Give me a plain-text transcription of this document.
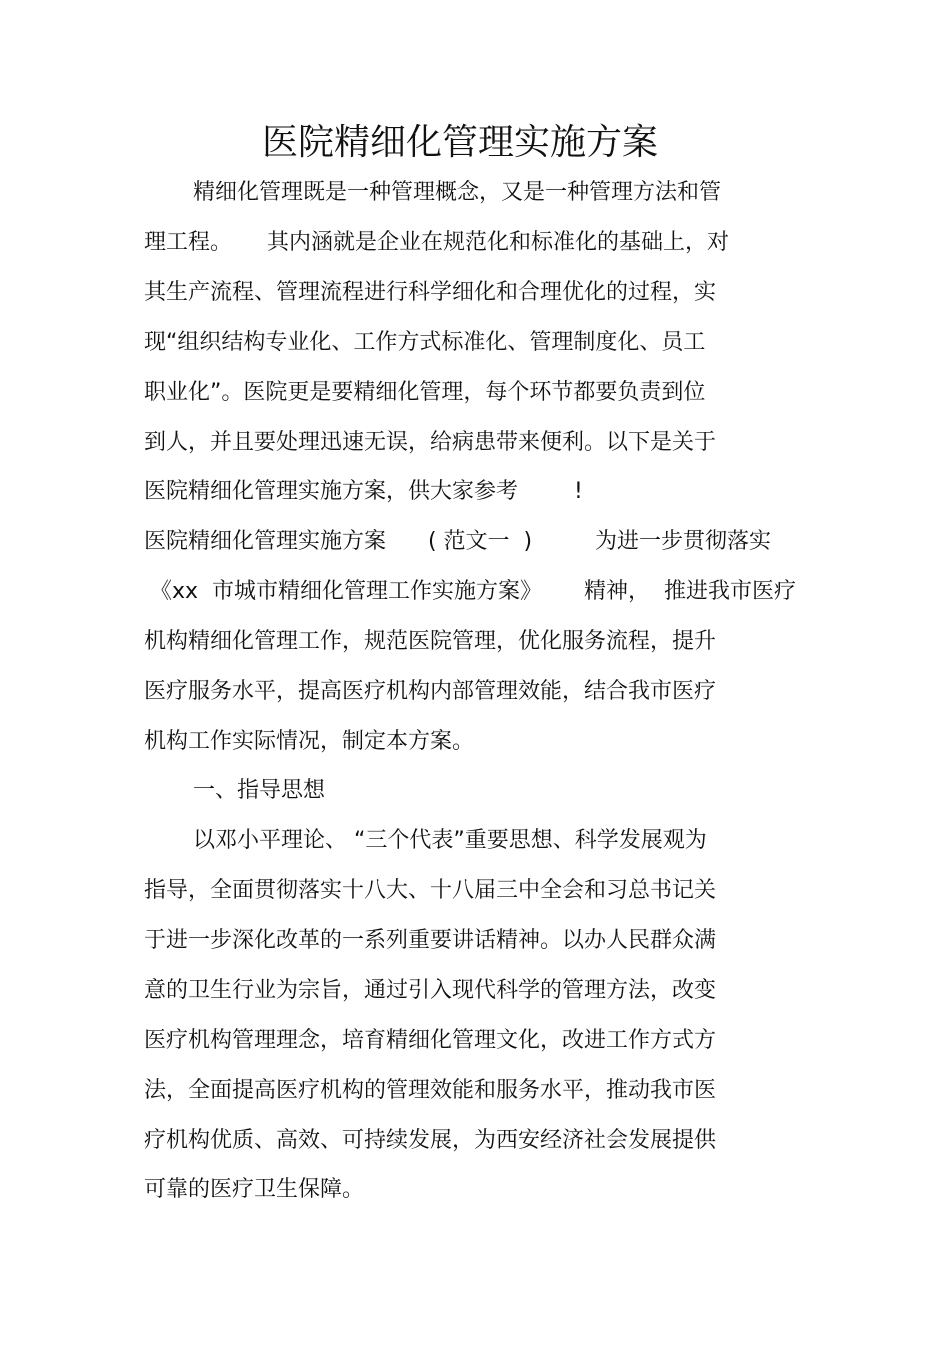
医院精细化管理实施方案
精细化管理既是一种管理概念，又是一种管理方法和管
理工程。     其内涵就是企业在规范化和标准化的基础上，对
其生产流程、管理流程进行科学细化和合理优化的过程，实
现“组织结构专业化、工作方式标准化、管理制度化、员工
职业化”。医院更是要精细化管理，每个环节都要负责到位
到人，并且要处理迅速无误，给病患带来便利。以下是关于
医院精细化管理实施方案，供大家参考        !
医院精细化管理实施方案      ( 范文一  )         为进一步贯彻落实
《xx  市城市精细化管理工作实施方案》      精神，  推进我市医疗
机构精细化管理工作，规范医院管理，优化服务流程，提升
医疗服务水平，提高医疗机构内部管理效能，结合我市医疗
机构工作实际情况，制定本方案。
一、指导思想
以邓小平理论、 “三个代表”重要思想、科学发展观为
指导，全面贯彻落实十八大、十八届三中全会和习总书记关
于进一步深化改革的一系列重要讲话精神。以办人民群众满
意的卫生行业为宗旨，通过引入现代科学的管理方法，改变
医疗机构管理理念，培育精细化管理文化，改进工作方式方
法，全面提高医疗机构的管理效能和服务水平，推动我市医
疗机构优质、高效、可持续发展，为西安经济社会发展提供
可靠的医疗卫生保障。
